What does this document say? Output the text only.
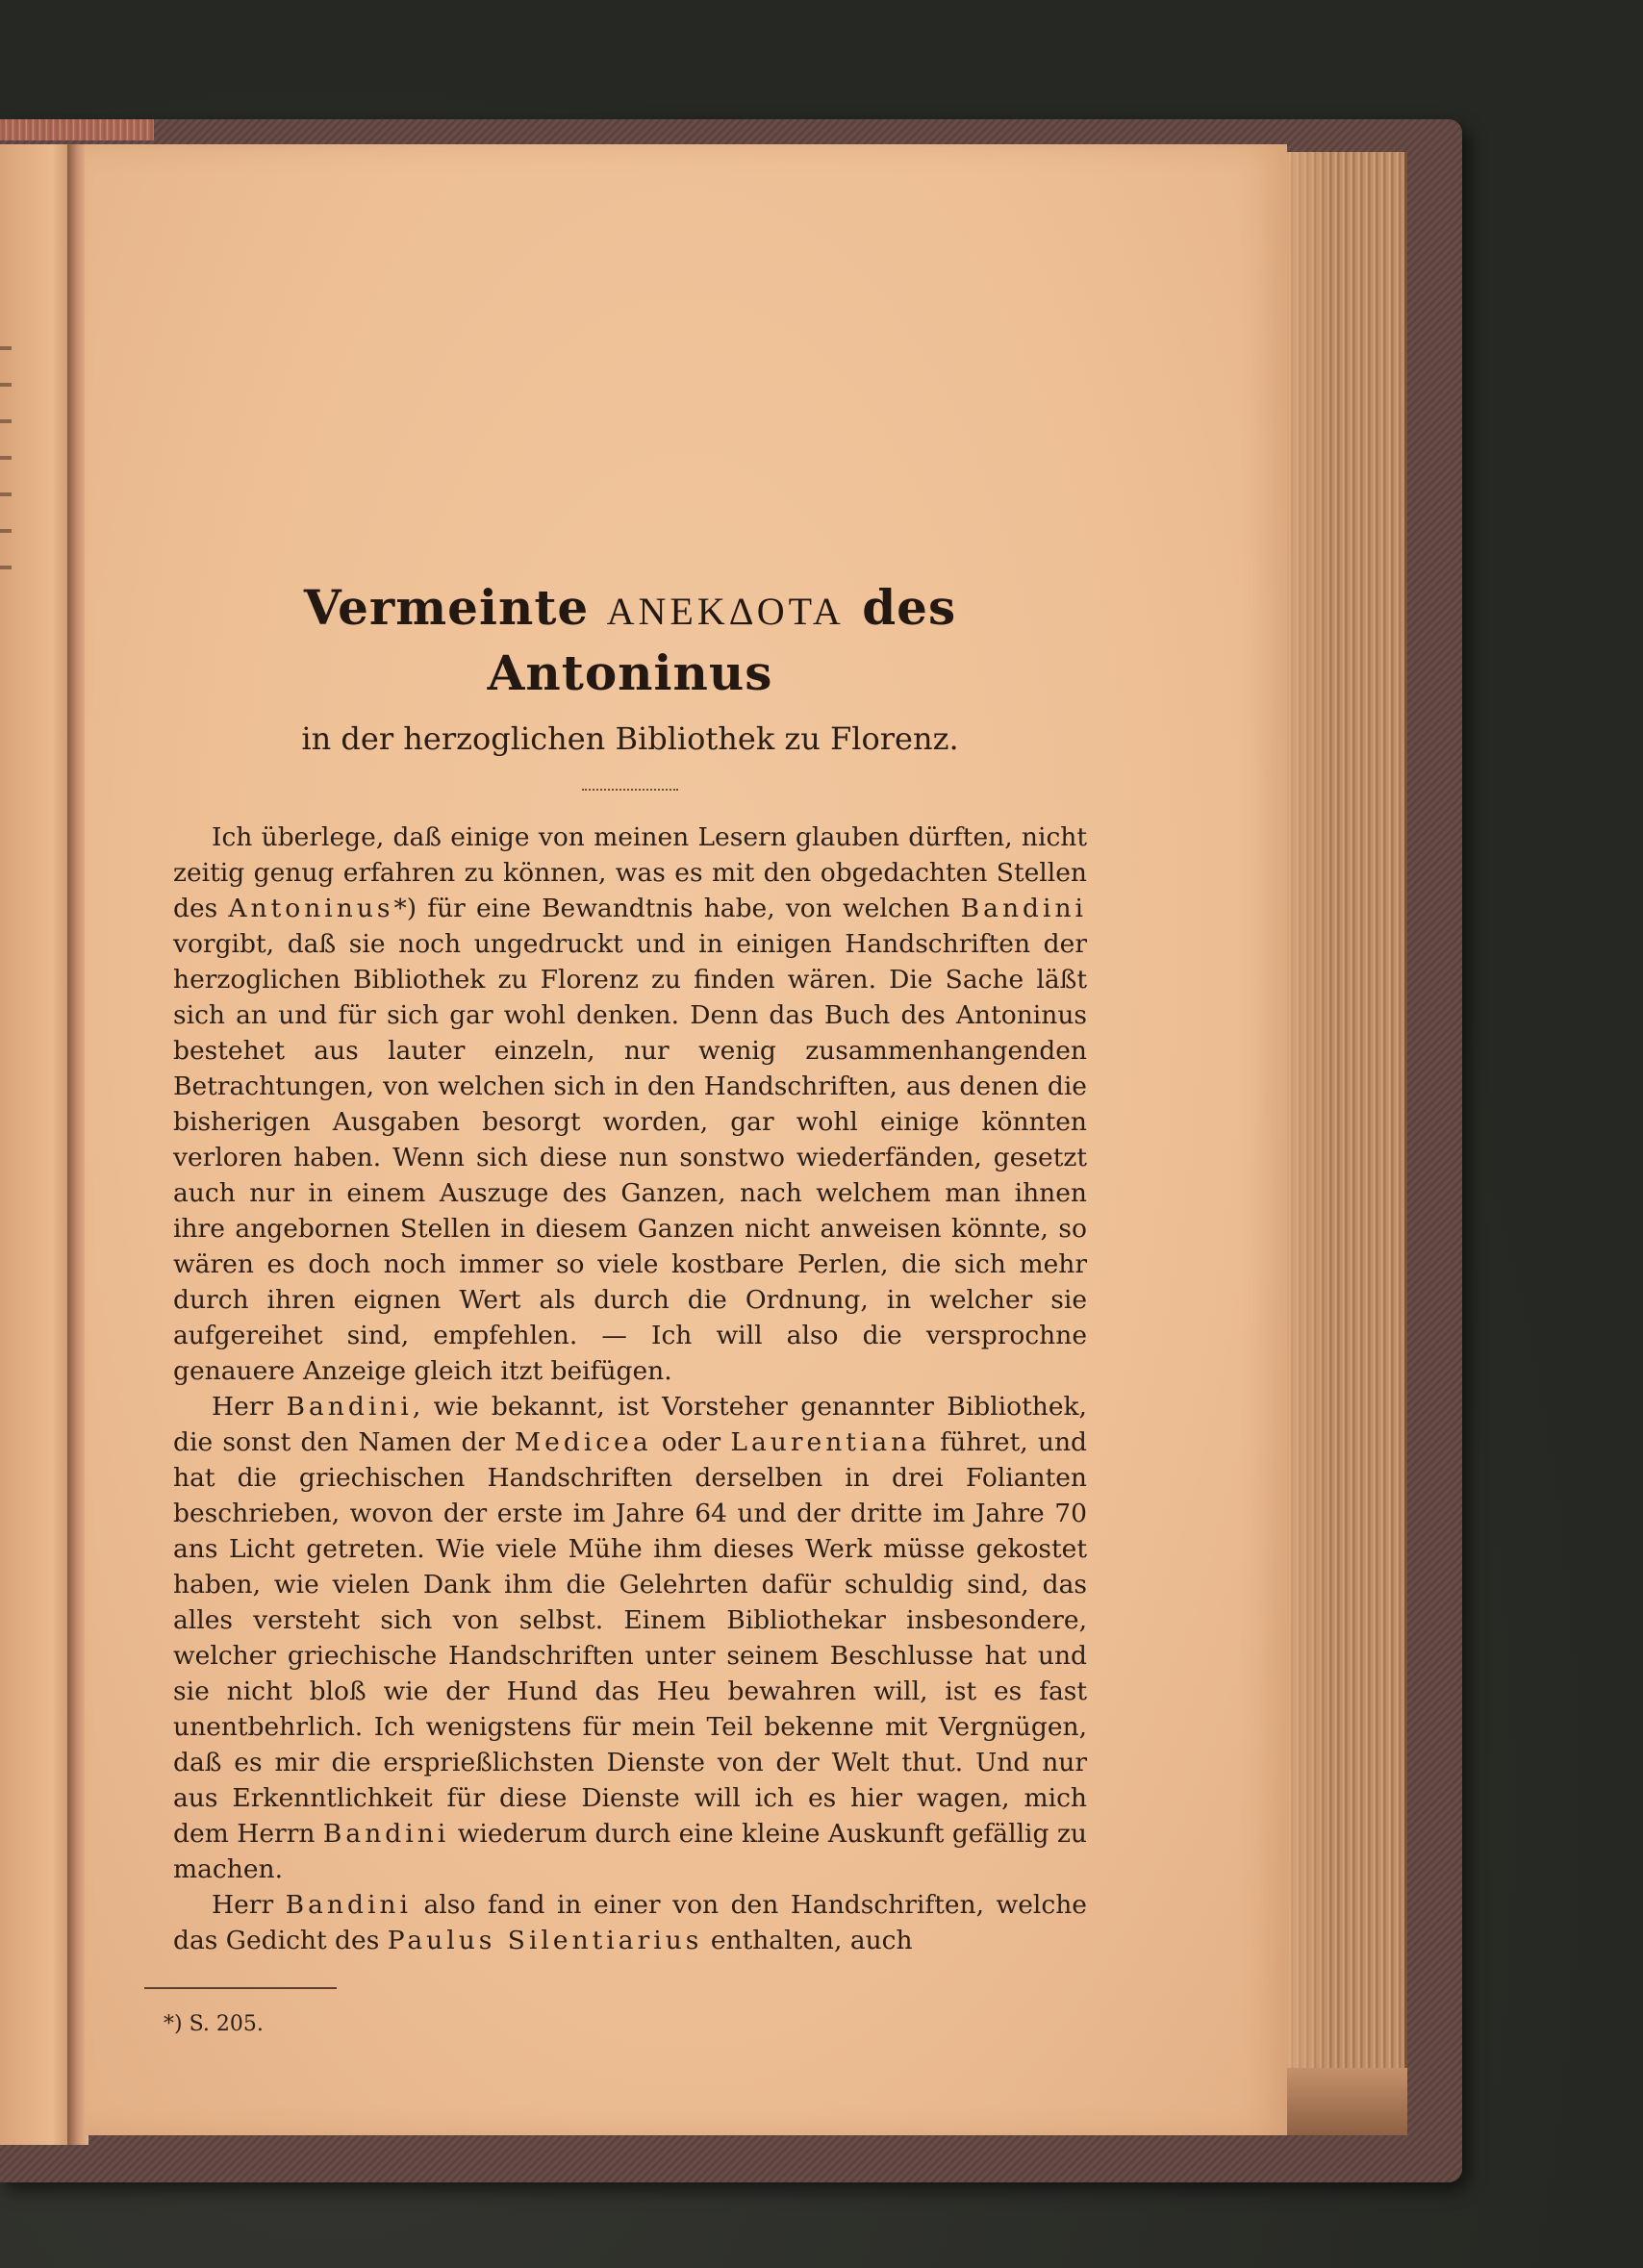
Vermeinte ΑΝΕΚΔΟΤΑ des Antoninus
in der herzoglichen Bibliothek zu Florenz.

Ich überlege, daß einige von meinen Lesern glauben dürften, nicht zeitig genug erfahren zu können, was es mit den obgedachten Stellen des Antoninus*) für eine Bewandtnis habe, von welchen Bandini vorgibt, daß sie noch ungedruckt und in einigen Handschriften der herzoglichen Bibliothek zu Florenz zu finden wären. Die Sache läßt sich an und für sich gar wohl denken. Denn das Buch des Antoninus bestehet aus lauter einzeln, nur wenig zusammenhangenden Betrachtungen, von welchen sich in den Handschriften, aus denen die bisherigen Ausgaben besorgt worden, gar wohl einige könnten verloren haben. Wenn sich diese nun sonstwo wiederfänden, gesetzt auch nur in einem Auszuge des Ganzen, nach welchem man ihnen ihre angebornen Stellen in diesem Ganzen nicht anweisen könnte, so wären es doch noch immer so viele kostbare Perlen, die sich mehr durch ihren eignen Wert als durch die Ordnung, in welcher sie aufgereihet sind, empfehlen. — Ich will also die versprochne genauere Anzeige gleich itzt beifügen.

Herr Bandini, wie bekannt, ist Vorsteher genannter Bibliothek, die sonst den Namen der Medicea oder Laurentiana führet, und hat die griechischen Handschriften derselben in drei Folianten beschrieben, wovon der erste im Jahre 64 und der dritte im Jahre 70 ans Licht getreten. Wie viele Mühe ihm dieses Werk müsse gekostet haben, wie vielen Dank ihm die Gelehrten dafür schuldig sind, das alles versteht sich von selbst. Einem Bibliothekar insbesondere, welcher griechische Handschriften unter seinem Beschlusse hat und sie nicht bloß wie der Hund das Heu bewahren will, ist es fast unentbehrlich. Ich wenigstens für mein Teil bekenne mit Vergnügen, daß es mir die ersprießlichsten Dienste von der Welt thut. Und nur aus Erkenntlichkeit für diese Dienste will ich es hier wagen, mich dem Herrn Bandini wiederum durch eine kleine Auskunft gefällig zu machen.

Herr Bandini also fand in einer von den Handschriften, welche das Gedicht des Paulus Silentiarius enthalten, auch

*) S. 205.
